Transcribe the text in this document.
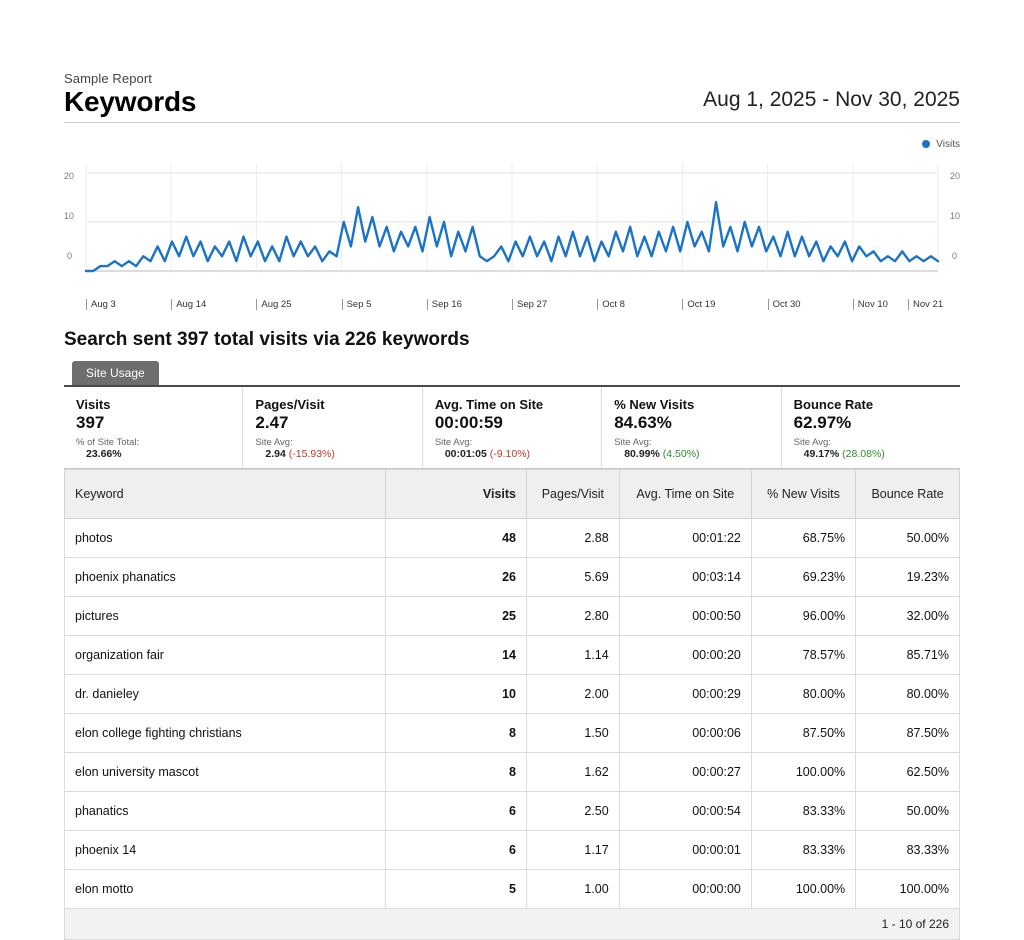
Sample Report
Keywords	Aug 1, 2025 - Nov 30, 2025
Visits
20
10
0
20
10
0
Aug 3	Aug 14	Aug 25	Sep 5	Sep 16	Sep 27	Oct 8	Oct 19	Oct 30	Nov 10	Nov 21
Search sent 397 total visits via 226 keywords
Site Usage
Visits
397
% of Site Total:
23.66%
Pages/Visit
2.47
Site Avg:
2.94 (-15.93%)
Avg. Time on Site
00:00:59
Site Avg:
00:01:05 (-9.10%)
% New Visits
84.63%
Site Avg:
80.99% (4.50%)
Bounce Rate
62.97%
Site Avg:
49.17% (28.08%)
Keyword	Visits	Pages/Visit	Avg. Time on Site	% New Visits	Bounce Rate
photos	48	2.88	00:01:22	68.75%	50.00%
phoenix phanatics	26	5.69	00:03:14	69.23%	19.23%
pictures	25	2.80	00:00:50	96.00%	32.00%
organization fair	14	1.14	00:00:20	78.57%	85.71%
dr. danieley	10	2.00	00:00:29	80.00%	80.00%
elon college fighting christians	8	1.50	00:00:06	87.50%	87.50%
elon university mascot	8	1.62	00:00:27	100.00%	62.50%
phanatics	6	2.50	00:00:54	83.33%	50.00%
phoenix 14	6	1.17	00:00:01	83.33%	83.33%
elon motto	5	1.00	00:00:00	100.00%	100.00%
1 - 10 of 226
